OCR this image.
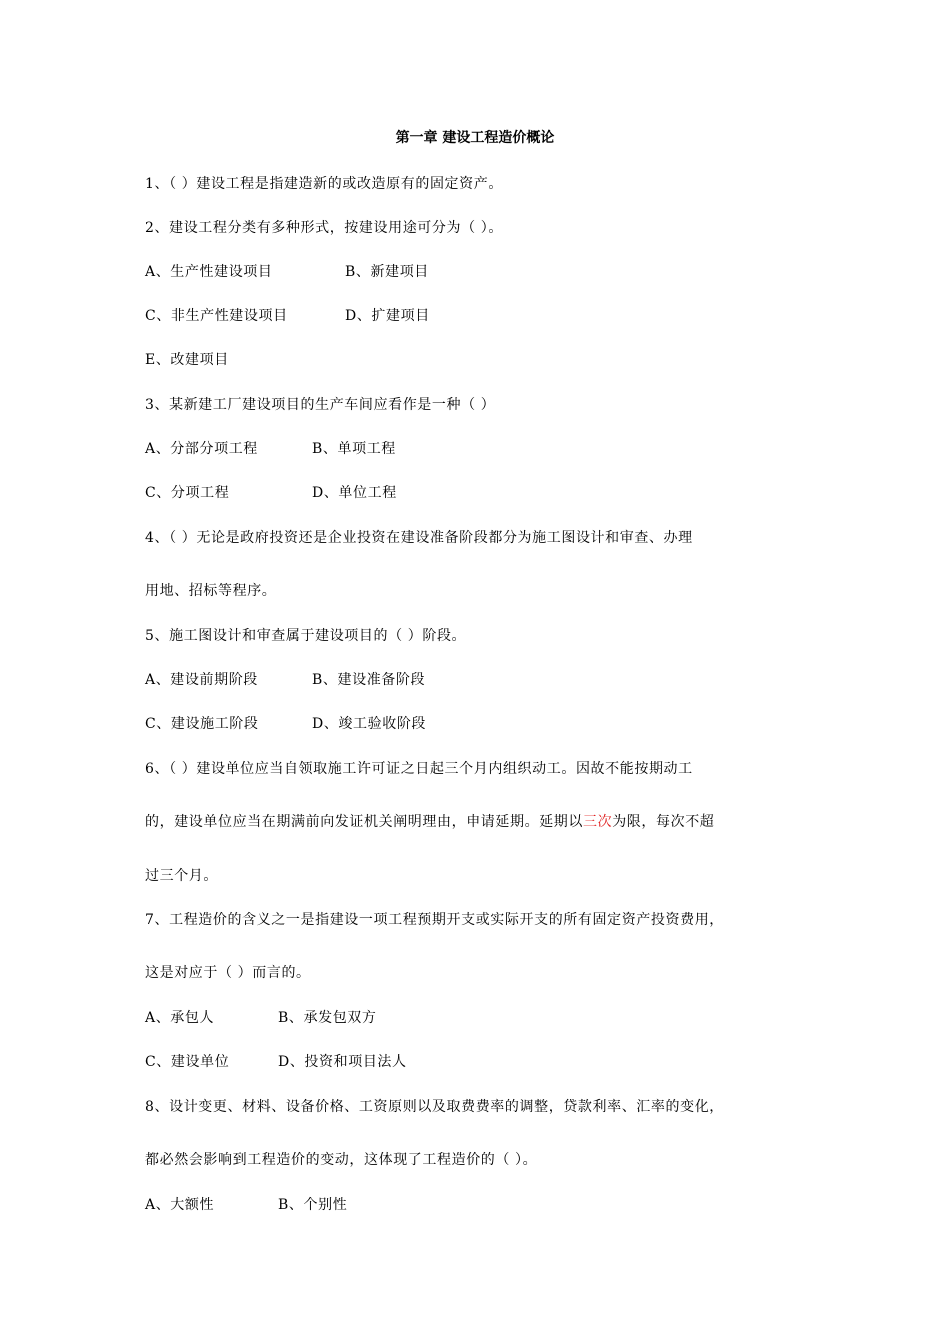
第一章 建设工程造价概论
1、（ ）建设工程是指建造新的或改造原有的固定资产。
2、建设工程分类有多种形式，按建设用途可分为（ ）。
A、生产性建设项目	B、新建项目
C、非生产性建设项目	D、扩建项目
E、改建项目
3、某新建工厂建设项目的生产车间应看作是一种（ ）
A、分部分项工程	B、单项工程
C、分项工程	D、单位工程
4、（ ）无论是政府投资还是企业投资在建设准备阶段都分为施工图设计和审查、办理
用地、招标等程序。
5、施工图设计和审查属于建设项目的（ ）阶段。
A、建设前期阶段	B、建设准备阶段
C、建设施工阶段	D、竣工验收阶段
6、（ ）建设单位应当自领取施工许可证之日起三个月内组织动工。因故不能按期动工
的，建设单位应当在期满前向发证机关阐明理由，申请延期。延期以三次为限，每次不超
过三个月。
7、工程造价的含义之一是指建设一项工程预期开支或实际开支的所有固定资产投资费用，
这是对应于（ ）而言的。
A、承包人	B、承发包双方
C、建设单位	D、投资和项目法人
8、设计变更、材料、设备价格、工资原则以及取费费率的调整，贷款利率、汇率的变化，
都必然会影响到工程造价的变动，这体现了工程造价的（ ）。
A、大额性	B、个别性
